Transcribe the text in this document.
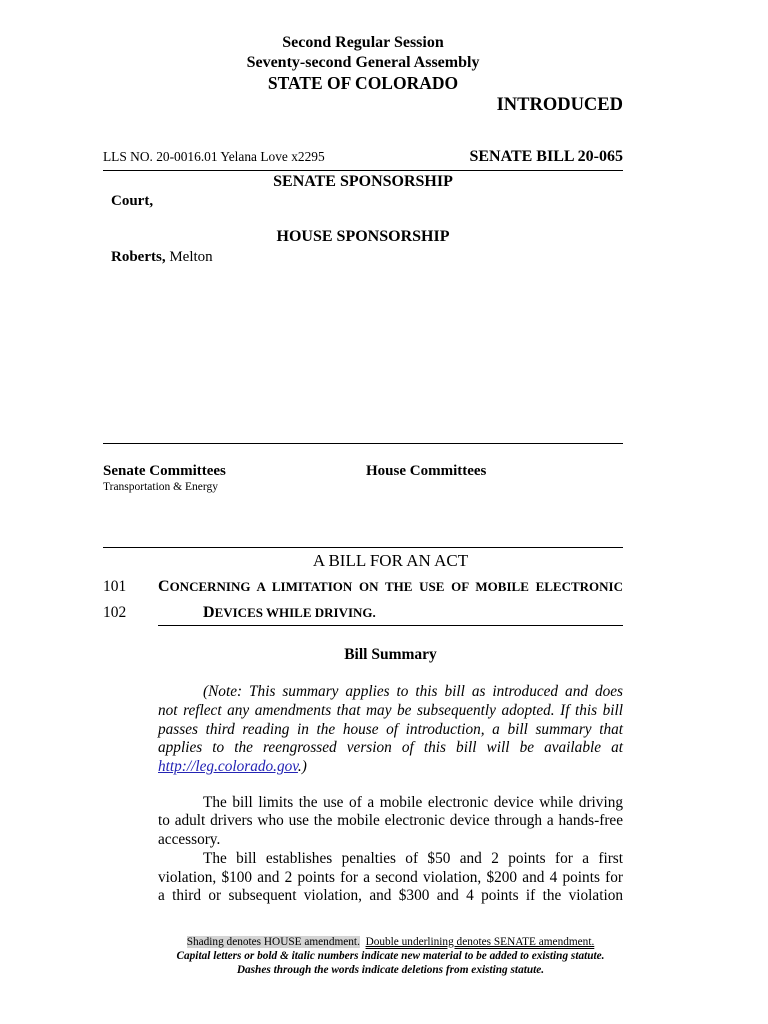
Second Regular Session
Seventy-second General Assembly
STATE OF COLORADO
INTRODUCED
LLS NO. 20-0016.01 Yelana Love x2295	SENATE BILL 20-065
SENATE SPONSORSHIP
Court,
HOUSE SPONSORSHIP
Roberts, Melton
Senate Committees	House Committees
Transportation & Energy
A BILL FOR AN ACT
101 CONCERNING A LIMITATION ON THE USE OF MOBILE ELECTRONIC
102	DEVICES WHILE DRIVING.
Bill Summary
(Note: This summary applies to this bill as introduced and does
not reflect any amendments that may be subsequently adopted. If this bill
passes third reading in the house of introduction, a bill summary that
applies to the reengrossed version of this bill will be available at
http://leg.colorado.gov.)
The bill limits the use of a mobile electronic device while driving
to adult drivers who use the mobile electronic device through a hands-free
accessory.
The bill establishes penalties of $50 and 2 points for a first
violation, $100 and 2 points for a second violation, $200 and 4 points for
a third or subsequent violation, and $300 and 4 points if the violation
Shading denotes HOUSE amendment. Double underlining denotes SENATE amendment.
Capital letters or bold & italic numbers indicate new material to be added to existing statute.
Dashes through the words indicate deletions from existing statute.
